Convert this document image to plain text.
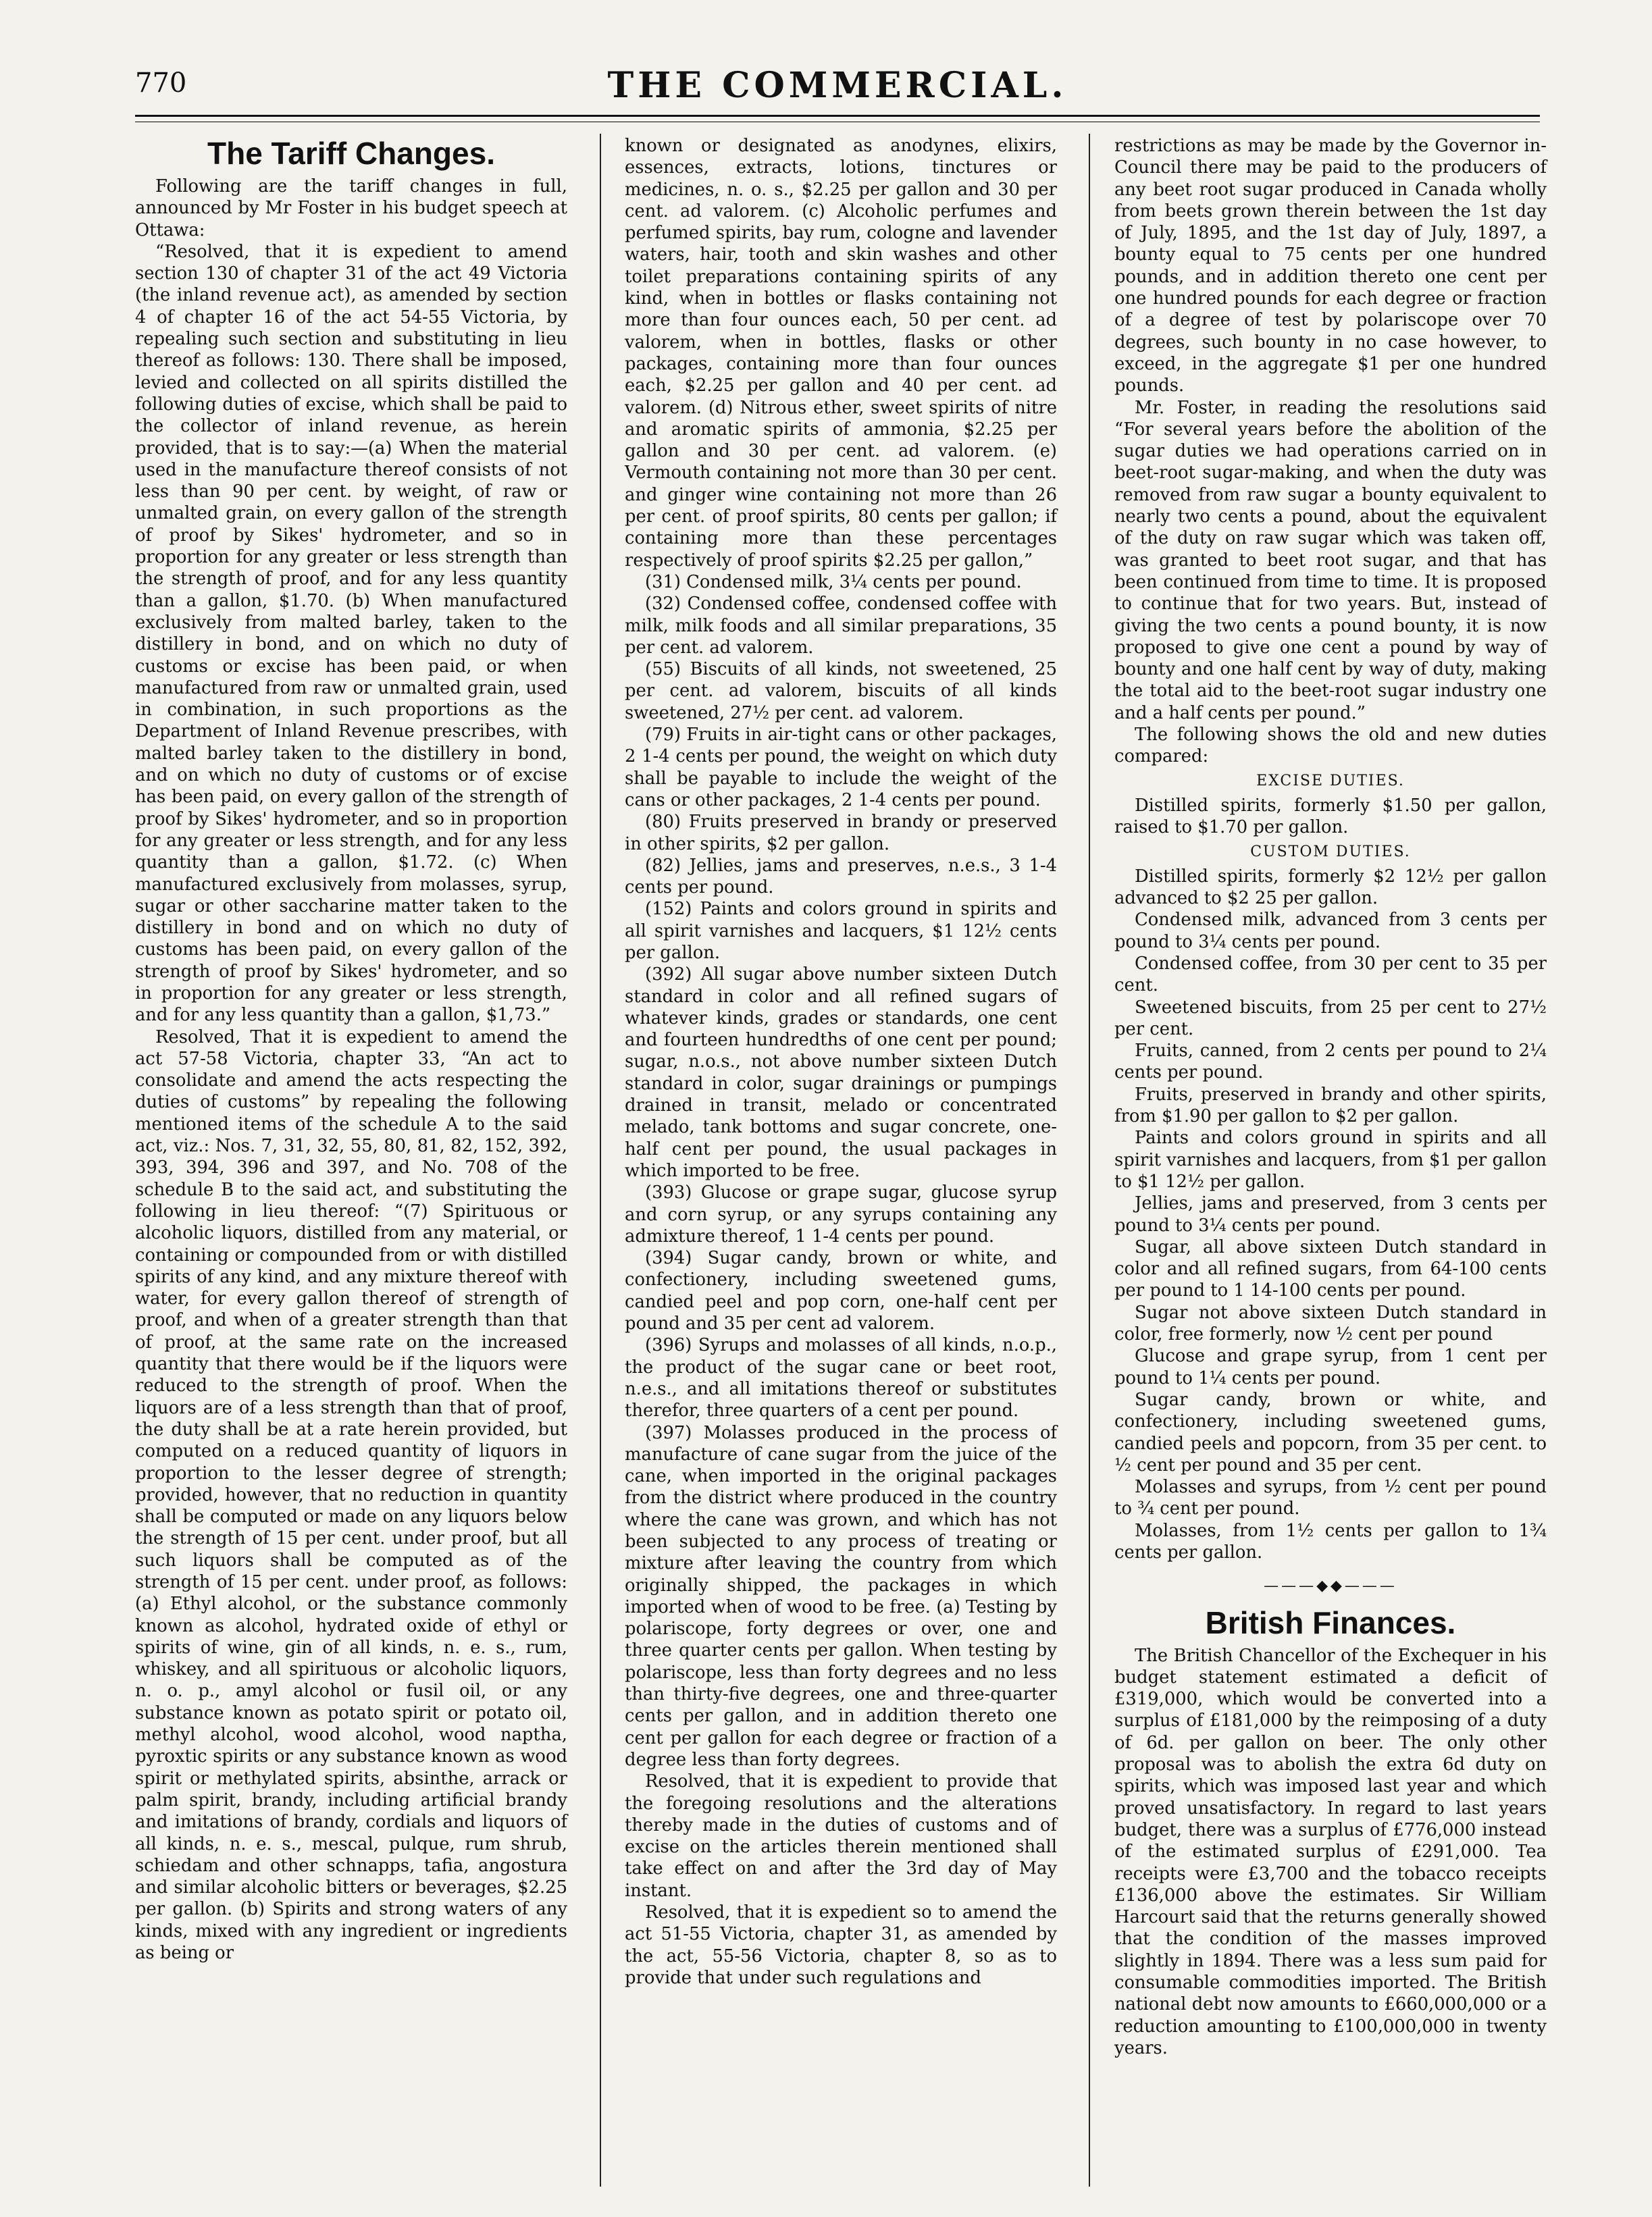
770	THE COMMERCIAL.
The Tariff Changes.

Following are the tariff changes in full, announced by Mr Foster in his budget speech at Ottawa:

“Resolved, that it is expedient to amend section 130 of chapter 31 of the act 49 Victoria (the inland revenue act), as amended by section 4 of chapter 16 of the act 54-55 Victoria, by repealing such section and substituting in lieu thereof as follows: 130. There shall be imposed, levied and collected on all spirits distilled the following duties of excise, which shall be paid to the collector of inland revenue, as herein provided, that is to say:—(a) When the material used in the manufacture thereof consists of not less than 90 per cent. by weight, of raw or unmalted grain, on every gallon of the strength of proof by Sikes' hydrometer, and so in proportion for any greater or less strength than the strength of proof, and for any less quantity than a gallon, $1.70. (b) When manufactured exclusively from malted barley, taken to the distillery in bond, and on which no duty of customs or excise has been paid, or when manufactured from raw or unmalted grain, used in combination, in such proportions as the Department of Inland Revenue prescribes, with malted barley taken to the distillery in bond, and on which no duty of customs or of excise has been paid, on every gallon of the strength of proof by Sikes' hydrometer, and so in proportion for any greater or less strength, and for any less quantity than a gallon, $1.72. (c) When manufactured exclusively from molasses, syrup, sugar or other saccharine matter taken to the distillery in bond and on which no duty of customs has been paid, on every gallon of the strength of proof by Sikes' hydrometer, and so in proportion for any greater or less strength, and for any less quantity than a gallon, $1,73.”

Resolved, That it is expedient to amend the act 57-58 Victoria, chapter 33, “An act to consolidate and amend the acts respecting the duties of customs” by repealing the following mentioned items of the schedule A to the said act, viz.: Nos. 7, 31, 32, 55, 80, 81, 82, 152, 392, 393, 394, 396 and 397, and No. 708 of the schedule B to the said act, and substituting the following in lieu thereof: “(7) Spirituous or alcoholic liquors, distilled from any material, or containing or compounded from or with distilled spirits of any kind, and any mixture thereof with water, for every gallon thereof of strength of proof, and when of a greater strength than that of proof, at the same rate on the increased quantity that there would be if the liquors were reduced to the strength of proof. When the liquors are of a less strength than that of proof, the duty shall be at a rate herein provided, but computed on a reduced quantity of liquors in proportion to the lesser degree of strength; provided, however, that no reduction in quantity shall be computed or made on any liquors below the strength of 15 per cent. under proof, but all such liquors shall be computed as of the strength of 15 per cent. under proof, as follows: (a) Ethyl alcohol, or the substance commonly known as alcohol, hydrated oxide of ethyl or spirits of wine, gin of all kinds, n. e. s., rum, whiskey, and all spirituous or alcoholic liquors, n. o. p., amyl alcohol or fusil oil, or any substance known as potato spirit or potato oil, methyl alcohol, wood alcohol, wood naptha, pyroxtic spirits or any substance known as wood spirit or methylated spirits, absinthe, arrack or palm spirit, brandy, including artificial brandy and imitations of brandy, cordials and liquors of all kinds, n. e. s., mescal, pulque, rum shrub, schiedam and other schnapps, tafia, angostura and similar alcoholic bitters or beverages, $2.25 per gallon. (b) Spirits and strong waters of any kinds, mixed with any ingredient or ingredients as being or

known or designated as anodynes, elixirs, essences, extracts, lotions, tinctures or medicines, n. o. s., $2.25 per gallon and 30 per cent. ad valorem. (c) Alcoholic perfumes and perfumed spirits, bay rum, cologne and lavender waters, hair, tooth and skin washes and other toilet preparations containing spirits of any kind, when in bottles or flasks containing not more than four ounces each, 50 per cent. ad valorem, when in bottles, flasks or other packages, containing more than four ounces each, $2.25 per gallon and 40 per cent. ad valorem. (d) Nitrous ether, sweet spirits of nitre and aromatic spirits of ammonia, $2.25 per gallon and 30 per cent. ad valorem. (e) Vermouth containing not more than 30 per cent. and ginger wine containing not more than 26 per cent. of proof spirits, 80 cents per gallon; if containing more than these percentages respectively of proof spirits $2.25 per gallon,”

(31) Condensed milk, 3¼ cents per pound.

(32) Condensed coffee, condensed coffee with milk, milk foods and all similar preparations, 35 per cent. ad valorem.

(55) Biscuits of all kinds, not sweetened, 25 per cent. ad valorem, biscuits of all kinds sweetened, 27½ per cent. ad valorem.

(79) Fruits in air-tight cans or other packages, 2 1-4 cents per pound, the weight on which duty shall be payable to include the weight of the cans or other packages, 2 1-4 cents per pound.

(80) Fruits preserved in brandy or preserved in other spirits, $2 per gallon.

(82) Jellies, jams and preserves, n.e.s., 3 1-4 cents per pound.

(152) Paints and colors ground in spirits and all spirit varnishes and lacquers, $1 12½ cents per gallon.

(392) All sugar above number sixteen Dutch standard in color and all refined sugars of whatever kinds, grades or standards, one cent and fourteen hundredths of one cent per pound; sugar, n.o.s., not above number sixteen Dutch standard in color, sugar drainings or pumpings drained in transit, melado or concentrated melado, tank bottoms and sugar concrete, one-half cent per pound, the usual packages in which imported to be free.

(393) Glucose or grape sugar, glucose syrup and corn syrup, or any syrups containing any admixture thereof, 1 1-4 cents per pound.

(394) Sugar candy, brown or white, and confectionery, including sweetened gums, candied peel and pop corn, one-half cent per pound and 35 per cent ad valorem.

(396) Syrups and molasses of all kinds, n.o.p., the product of the sugar cane or beet root, n.e.s., and all imitations thereof or substitutes therefor, three quarters of a cent per pound.

(397) Molasses produced in the process of manufacture of cane sugar from the juice of the cane, when imported in the original packages from the district where produced in the country where the cane was grown, and which has not been subjected to any process of treating or mixture after leaving the country from which originally shipped, the packages in which imported when of wood to be free. (a) Testing by polariscope, forty degrees or over, one and three quarter cents per gallon. When testing by polariscope, less than forty degrees and no less than thirty-five degrees, one and three-quarter cents per gallon, and in addition thereto one cent per gallon for each degree or fraction of a degree less than forty degrees.

Resolved, that it is expedient to provide that the foregoing resolutions and the alterations thereby made in the duties of customs and of excise on the articles therein mentioned shall take effect on and after the 3rd day of May instant.

Resolved, that it is expedient so to amend the act 51-55 Victoria, chapter 31, as amended by the act, 55-56 Victoria, chapter 8, so as to provide that under such regulations and

restrictions as may be made by the Governor in-Council there may be paid to the producers of any beet root sugar produced in Canada wholly from beets grown therein between the 1st day of July, 1895, and the 1st day of July, 1897, a bounty equal to 75 cents per one hundred pounds, and in addition thereto one cent per one hundred pounds for each degree or fraction of a degree of test by polariscope over 70 degrees, such bounty in no case however, to exceed, in the aggregate $1 per one hundred pounds.

Mr. Foster, in reading the resolutions said “For several years before the abolition of the sugar duties we had operations carried on in beet-root sugar-making, and when the duty was removed from raw sugar a bounty equivalent to nearly two cents a pound, about the equivalent of the duty on raw sugar which was taken off, was granted to beet root sugar, and that has been continued from time to time. It is proposed to continue that for two years. But, instead of giving the two cents a pound bounty, it is now proposed to give one cent a pound by way of bounty and one half cent by way of duty, making the total aid to the beet-root sugar industry one and a half cents per pound.”

The following shows the old and new duties compared:

EXCISE DUTIES.

Distilled spirits, formerly $1.50 per gallon, raised to $1.70 per gallon.

CUSTOM DUTIES.

Distilled spirits, formerly $2 12½ per gallon advanced to $2 25 per gallon.

Condensed milk, advanced from 3 cents per pound to 3¼ cents per pound.

Condensed coffee, from 30 per cent to 35 per cent.

Sweetened biscuits, from 25 per cent to 27½ per cent.

Fruits, canned, from 2 cents per pound to 2¼ cents per pound.

Fruits, preserved in brandy and other spirits, from $1.90 per gallon to $2 per gallon.

Paints and colors ground in spirits and all spirit varnishes and lacquers, from $1 per gallon to $1 12½ per gallon.

Jellies, jams and preserved, from 3 cents per pound to 3¼ cents per pound.

Sugar, all above sixteen Dutch standard in color and all refined sugars, from 64-100 cents per pound to 1 14-100 cents per pound.

Sugar not above sixteen Dutch standard in color, free formerly, now ½ cent per pound

Glucose and grape syrup, from 1 cent per pound to 1¼ cents per pound.

Sugar candy, brown or white, and confectionery, including sweetened gums, candied peels and popcorn, from 35 per cent. to ½ cent per pound and 35 per cent.

Molasses and syrups, from ½ cent per pound to ¾ cent per pound.

Molasses, from 1½ cents per gallon to 1¾ cents per gallon.

———◆◆———
British Finances.

The British Chancellor of the Exchequer in his budget statement estimated a deficit of £319,000, which would be converted into a surplus of £181,000 by the reimposing of a duty of 6d. per gallon on beer. The only other proposal was to abolish the extra 6d duty on spirits, which was imposed last year and which proved unsatisfactory. In regard to last years budget, there was a surplus of £776,000 instead of the estimated surplus of £291,000. Tea receipts were £3,700 and the tobacco receipts £136,000 above the estimates. Sir William Harcourt said that the returns generally showed that the condition of the masses improved slightly in 1894. There was a less sum paid for consumable commodities imported. The British national debt now amounts to £660,000,000 or a reduction amounting to £100,000,000 in twenty years.
